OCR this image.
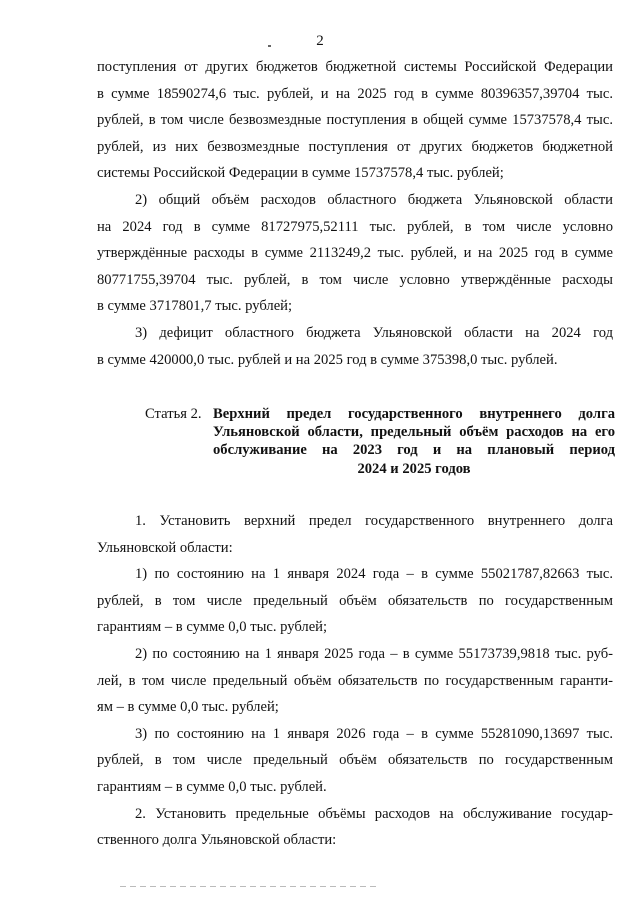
2
поступления от других бюджетов бюджетной системы Российской Федерации
в сумме 18590274,6 тыс. рублей, и на 2025 год в сумме 80396357,39704 тыс.
рублей, в том числе безвозмездные поступления в общей сумме 15737578,4 тыс.
рублей, из них безвозмездные поступления от других бюджетов бюджетной
системы Российской Федерации в сумме 15737578,4 тыс. рублей;
2) общий объём расходов областного бюджета Ульяновской области
на 2024 год в сумме 81727975,52111 тыс. рублей, в том числе условно
утверждённые расходы в сумме 2113249,2 тыс. рублей, и на 2025 год в сумме
80771755,39704 тыс. рублей, в том числе условно утверждённые расходы
в сумме 3717801,7 тыс. рублей;
3) дефицит областного бюджета Ульяновской области на 2024 год
в сумме 420000,0 тыс. рублей и на 2025 год в сумме 375398,0 тыс. рублей.
Статья 2. Верхний предел государственного внутреннего долга
Ульяновской области, предельный объём расходов на его
обслуживание на 2023 год и на плановый период
2024 и 2025 годов
1. Установить верхний предел государственного внутреннего долга
Ульяновской области:
1) по состоянию на 1 января 2024 года – в сумме 55021787,82663 тыс.
рублей, в том числе предельный объём обязательств по государственным
гарантиям – в сумме 0,0 тыс. рублей;
2) по состоянию на 1 января 2025 года – в сумме 55173739,9818 тыс. руб-
лей, в том числе предельный объём обязательств по государственным гаранти-
ям – в сумме 0,0 тыс. рублей;
3) по состоянию на 1 января 2026 года – в сумме 55281090,13697 тыс.
рублей, в том числе предельный объём обязательств по государственным
гарантиям – в сумме 0,0 тыс. рублей.
2. Установить предельные объёмы расходов на обслуживание государ-
ственного долга Ульяновской области:
